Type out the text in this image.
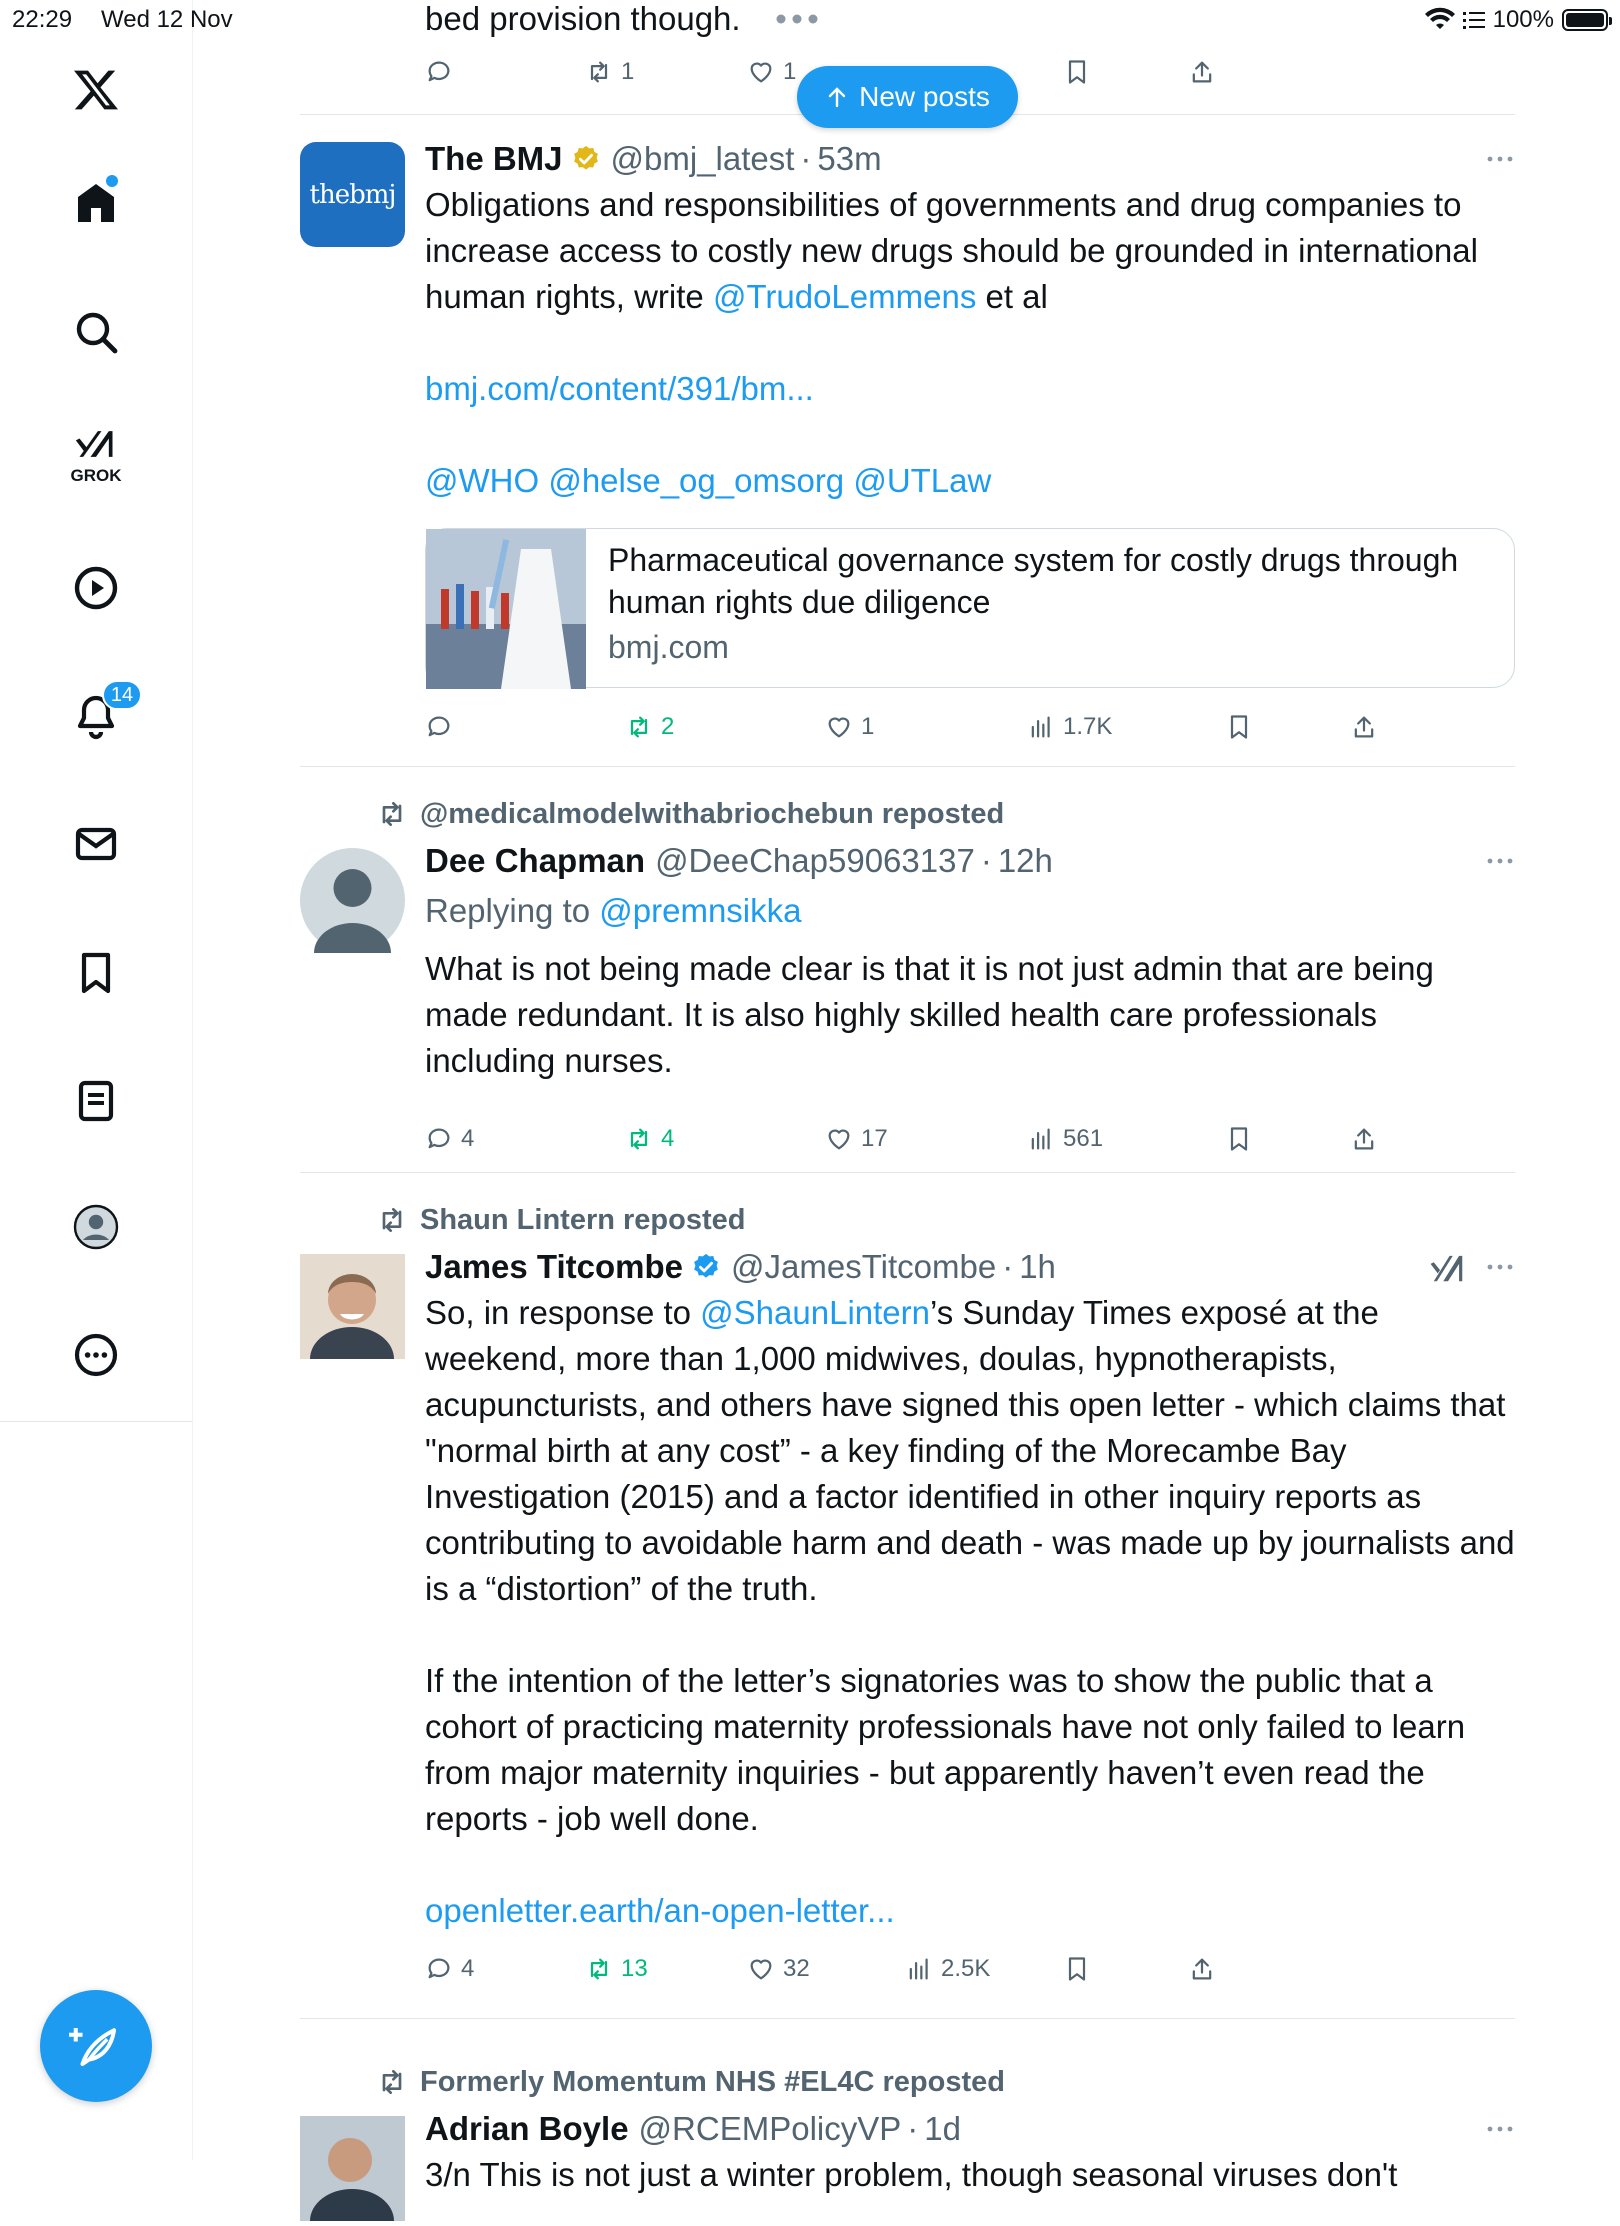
22:29 Wed 12 Nov	100%
GROK
14
New posts
bed provision though.
1	1
thebmj
The BMJ @bmj_latest · 53m

Obligations and responsibilities of governments and drug companies to increase access to costly new drugs should be grounded in international human rights, write @TrudoLemmens et al

bmj.com/content/391/bm...

@WHO @helse_og_omsorg @UTLaw

Pharmaceutical governance system for costly drugs through human rights due diligence
bmj.com
2	1	1.7K
@medicalmodelwithabriochebun reposted
Dee Chapman @DeeChap59063137 · 12h
Replying to @premnsikka
What is not being made clear is that it is not just admin that are being made redundant. It is also highly skilled health care professionals including nurses.
4	4	17	561
Shaun Lintern reposted
James Titcombe @JamesTitcombe · 1h

So, in response to @ShaunLintern’s Sunday Times exposé at the weekend, more than 1,000 midwives, doulas, hypnotherapists, acupuncturists, and others have signed this open letter - which claims that "normal birth at any cost” - a key finding of the Morecambe Bay Investigation (2015) and a factor identified in other inquiry reports as contributing to avoidable harm and death - was made up by journalists and is a “distortion” of the truth.

If the intention of the letter’s signatories was to show the public that a cohort of practicing maternity professionals have not only failed to learn from major maternity inquiries - but apparently haven’t even read the reports - job well done.

openletter.earth/an-open-letter...

4	13	32	2.5K
Formerly Momentum NHS #EL4C reposted
Adrian Boyle @RCEMPolicyVP · 1d
3/n This is not just a winter problem, though seasonal viruses don't
